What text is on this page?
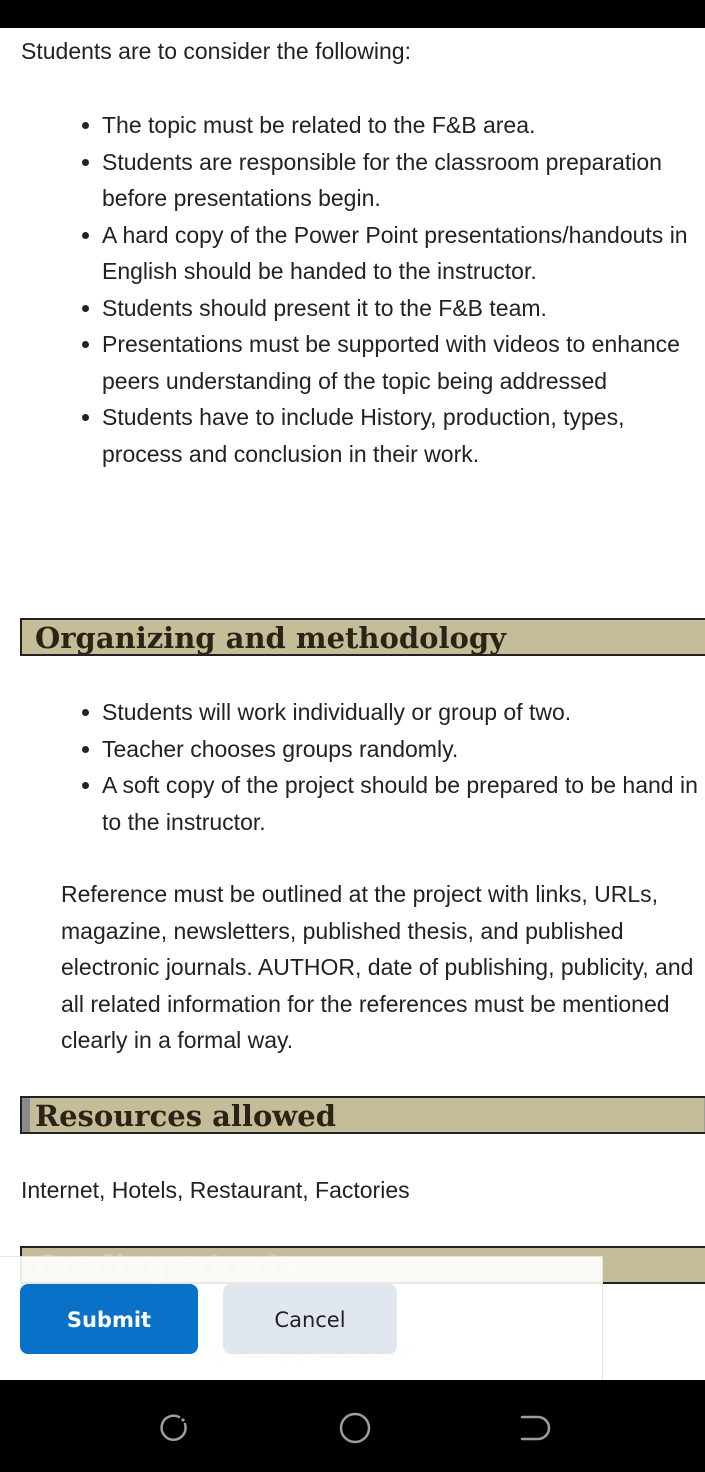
Students are to consider the following:
The topic must be related to the F&B area.
Students are responsible for the classroom preparation before presentations begin.
A hard copy of the Power Point presentations/handouts in English should be handed to the instructor.
Students should present it to the F&B team.
Presentations must be supported with videos to enhance peers understanding of the topic being addressed
Students have to include History, production, types, process and conclusion in their work.
Organizing and methodology
Students will work individually or group of two.
Teacher chooses groups randomly.
A soft copy of the project should be prepared to be hand in to the instructor.
Reference must be outlined at the project with links, URLs, magazine, newsletters, published thesis, and published electronic journals. AUTHOR, date of publishing, publicity, and all related information for the references must be mentioned clearly in a formal way.
Resources allowed
Internet, Hotels, Restaurant, Factories
Submit	Cancel
